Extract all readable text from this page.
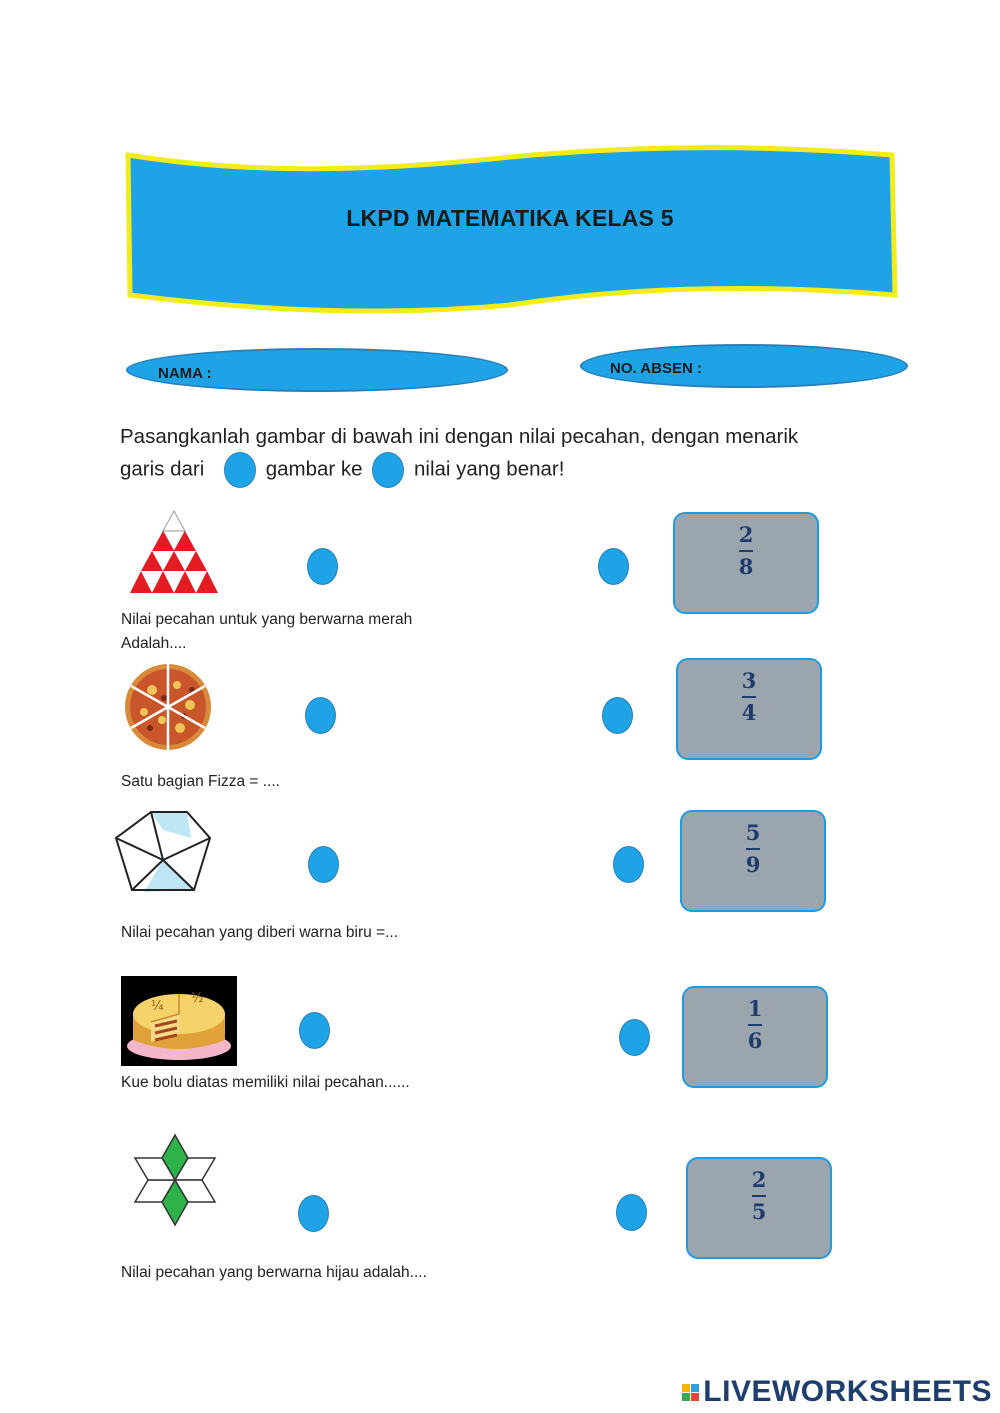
LKPD MATEMATIKA KELAS 5
NAMA :	NO. ABSEN :
Pasangkanlah gambar di bawah ini dengan nilai pecahan, dengan menarik
garis dari	gambar ke	nilai yang benar!
Nilai pecahan untuk yang berwarna merah
Adalah....
Satu bagian Fizza = ....
Nilai pecahan yang diberi warna biru =...
¼
½
Kue bolu diatas memiliki nilai pecahan......
Nilai pecahan yang berwarna hijau adalah....
2
8
3
4
5
9
1
6
2
5
LIVEWORKSHEETS
